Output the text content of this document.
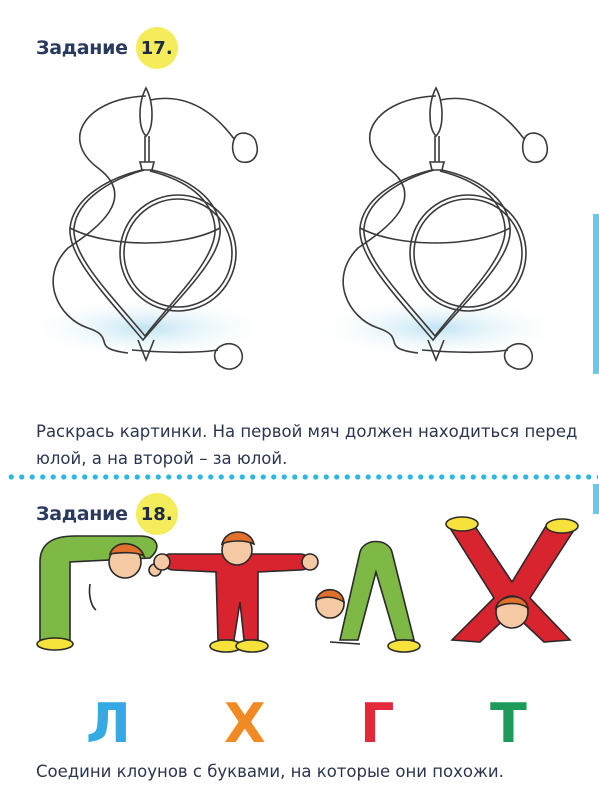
Задание 17.
Раскрась картинки. На первой мяч должен находиться перед
юлой, а на второй – за юлой.
Задание 18.
Л Х Г Т
Соедини клоунов с буквами, на которые они похожи.
